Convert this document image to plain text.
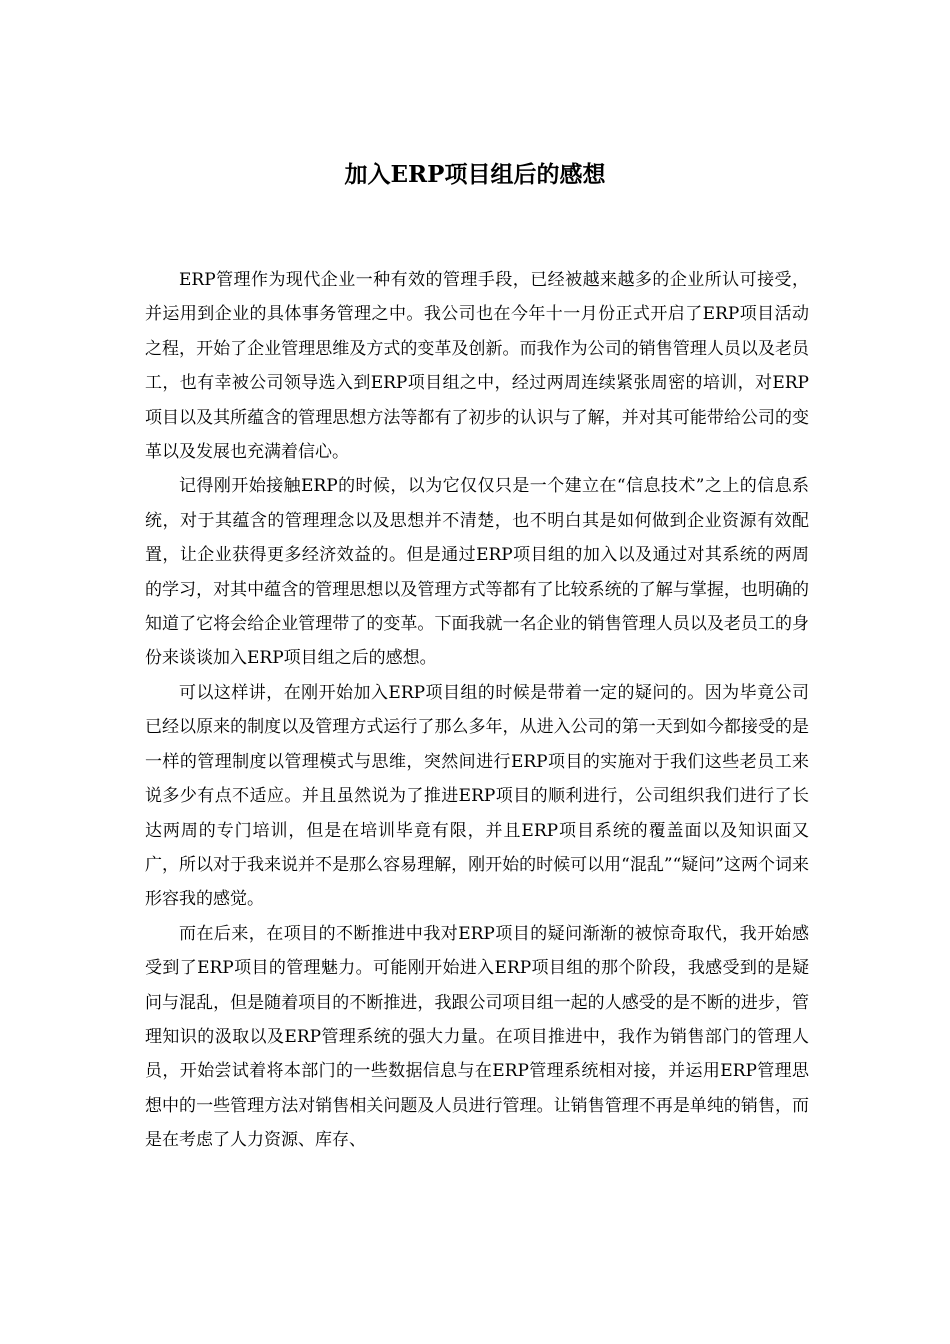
加入ERP项目组后的感想

ERP管理作为现代企业一种有效的管理手段，已经被越来越多的企业所认可接受，并运用到企业的具体事务管理之中。我公司也在今年十一月份正式开启了ERP项目活动之程，开始了企业管理思维及方式的变革及创新。而我作为公司的销售管理人员以及老员工，也有幸被公司领导选入到ERP项目组之中，经过两周连续紧张周密的培训，对ERP项目以及其所蕴含的管理思想方法等都有了初步的认识与了解，并对其可能带给公司的变革以及发展也充满着信心。

记得刚开始接触ERP的时候，以为它仅仅只是一个建立在“信息技术”之上的信息系统，对于其蕴含的管理理念以及思想并不清楚，也不明白其是如何做到企业资源有效配置，让企业获得更多经济效益的。但是通过ERP项目组的加入以及通过对其系统的两周的学习，对其中蕴含的管理思想以及管理方式等都有了比较系统的了解与掌握，也明确的知道了它将会给企业管理带了的变革。下面我就一名企业的销售管理人员以及老员工的身份来谈谈加入ERP项目组之后的感想。

可以这样讲，在刚开始加入ERP项目组的时候是带着一定的疑问的。因为毕竟公司已经以原来的制度以及管理方式运行了那么多年，从进入公司的第一天到如今都接受的是一样的管理制度以管理模式与思维，突然间进行ERP项目的实施对于我们这些老员工来说多少有点不适应。并且虽然说为了推进ERP项目的顺利进行，公司组织我们进行了长达两周的专门培训，但是在培训毕竟有限，并且ERP项目系统的覆盖面以及知识面又广，所以对于我来说并不是那么容易理解，刚开始的时候可以用“混乱”“疑问”这两个词来形容我的感觉。

而在后来，在项目的不断推进中我对ERP项目的疑问渐渐的被惊奇取代，我开始感受到了ERP项目的管理魅力。可能刚开始进入ERP项目组的那个阶段，我感受到的是疑问与混乱，但是随着项目的不断推进，我跟公司项目组一起的人感受的是不断的进步，管理知识的汲取以及ERP管理系统的强大力量。在项目推进中，我作为销售部门的管理人员，开始尝试着将本部门的一些数据信息与在ERP管理系统相对接，并运用ERP管理思想中的一些管理方法对销售相关问题及人员进行管理。让销售管理不再是单纯的销售，而是在考虑了人力资源、库存、
